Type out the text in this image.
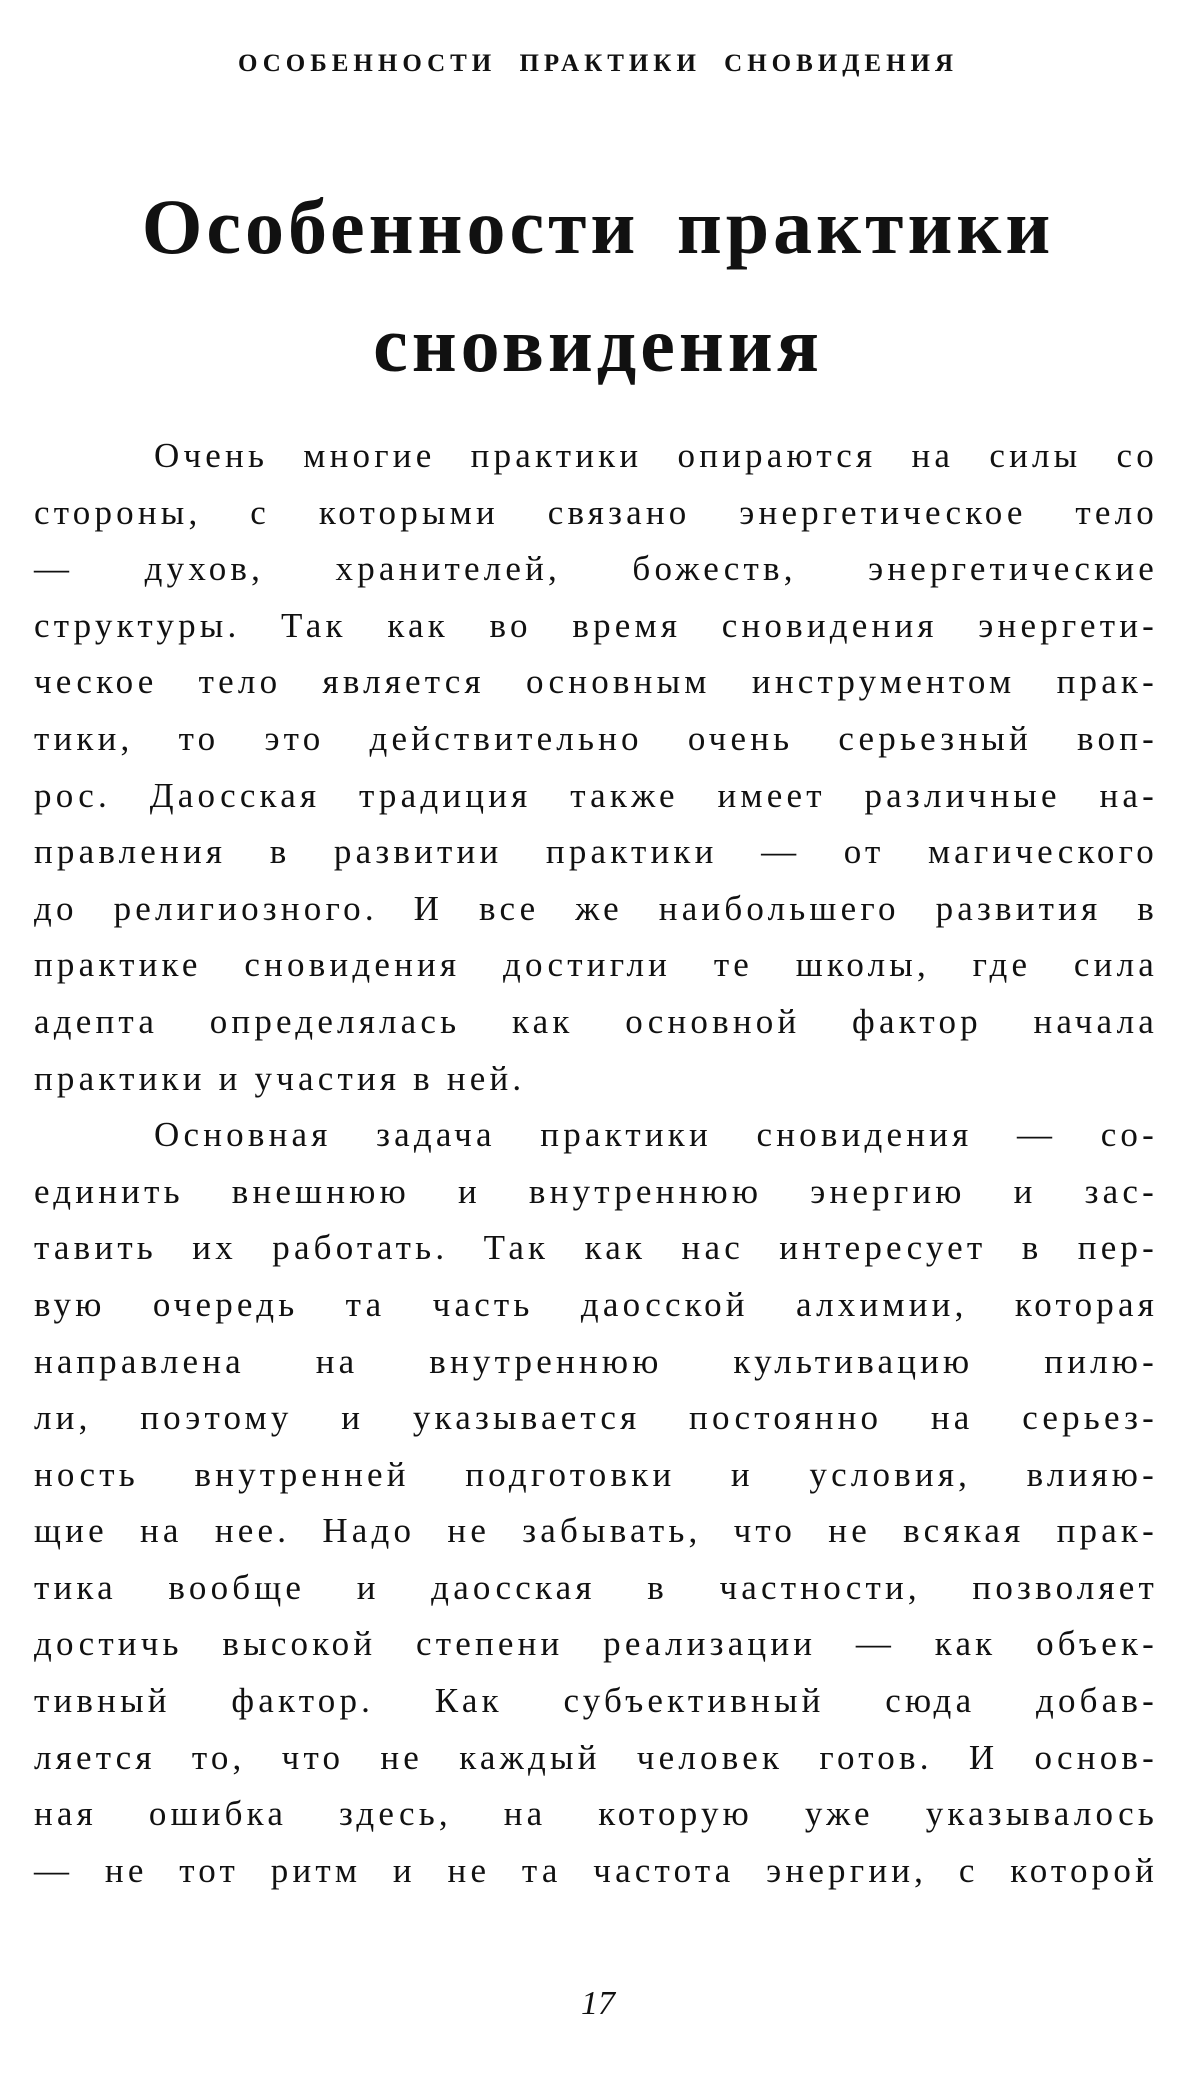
ОСОБЕННОСТИ ПРАКТИКИ СНОВИДЕНИЯ
Особенности практики
сновидения
Очень многие практики опираются на силы со
стороны, с которыми связано энергетическое тело
— духов, хранителей, божеств, энергетические
структуры. Так как во время сновидения энергети-
ческое тело является основным инструментом прак-
тики, то это действительно очень серьезный воп-
рос. Даосская традиция также имеет различные на-
правления в развитии практики — от магического
до религиозного. И все же наибольшего развития в
практике сновидения достигли те школы, где сила
адепта определялась как основной фактор начала
практики и участия в ней.
Основная задача практики сновидения — со-
единить внешнюю и внутреннюю энергию и зас-
тавить их работать. Так как нас интересует в пер-
вую очередь та часть даосской алхимии, которая
направлена на внутреннюю культивацию пилю-
ли, поэтому и указывается постоянно на серьез-
ность внутренней подготовки и условия, влияю-
щие на нее. Надо не забывать, что не всякая прак-
тика вообще и даосская в частности, позволяет
достичь высокой степени реализации — как объек-
тивный фактор. Как субъективный сюда добав-
ляется то, что не каждый человек готов. И основ-
ная ошибка здесь, на которую уже указывалось
— не тот ритм и не та частота энергии, с которой
17
